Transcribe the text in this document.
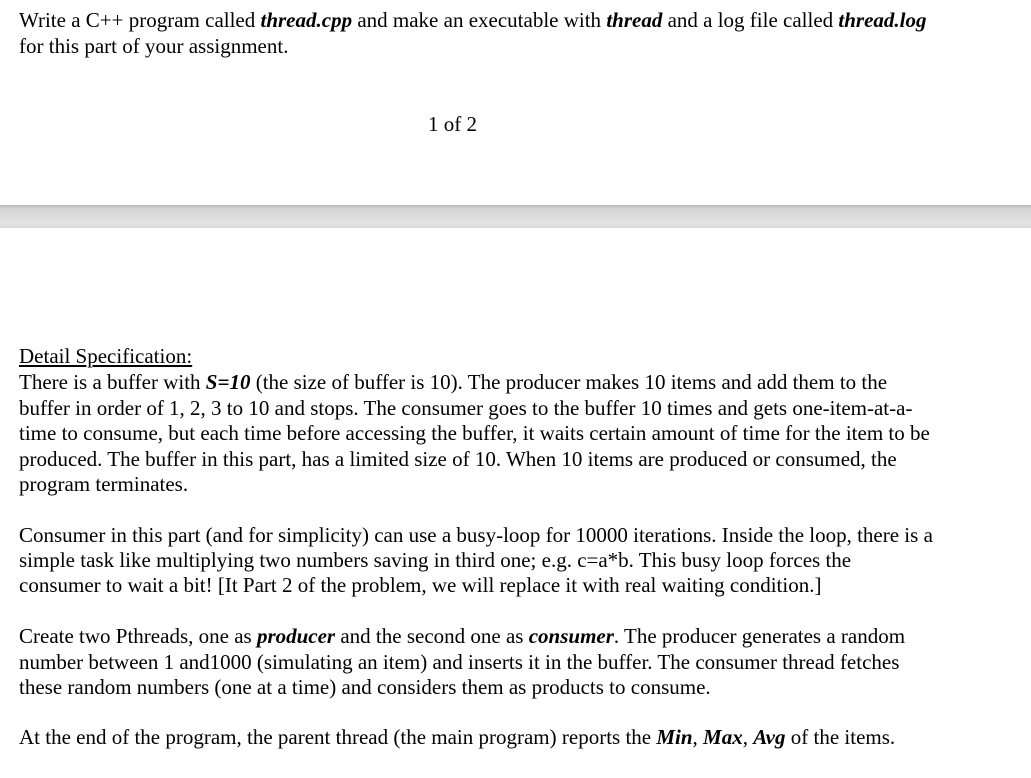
Write a C++ program called thread.cpp and make an executable with thread and a log file called thread.log
for this part of your assignment.
1 of 2
Detail Specification:
There is a buffer with S=10 (the size of buffer is 10). The producer makes 10 items and add them to the
buffer in order of 1, 2, 3 to 10 and stops. The consumer goes to the buffer 10 times and gets one-item-at-a-
time to consume, but each time before accessing the buffer, it waits certain amount of time for the item to be
produced. The buffer in this part, has a limited size of 10. When 10 items are produced or consumed, the
program terminates.
Consumer in this part (and for simplicity) can use a busy-loop for 10000 iterations. Inside the loop, there is a
simple task like multiplying two numbers saving in third one; e.g. c=a*b. This busy loop forces the
consumer to wait a bit! [It Part 2 of the problem, we will replace it with real waiting condition.]
Create two Pthreads, one as producer and the second one as consumer. The producer generates a random
number between 1 and1000 (simulating an item) and inserts it in the buffer. The consumer thread fetches
these random numbers (one at a time) and considers them as products to consume.
At the end of the program, the parent thread (the main program) reports the Min, Max, Avg of the items.
